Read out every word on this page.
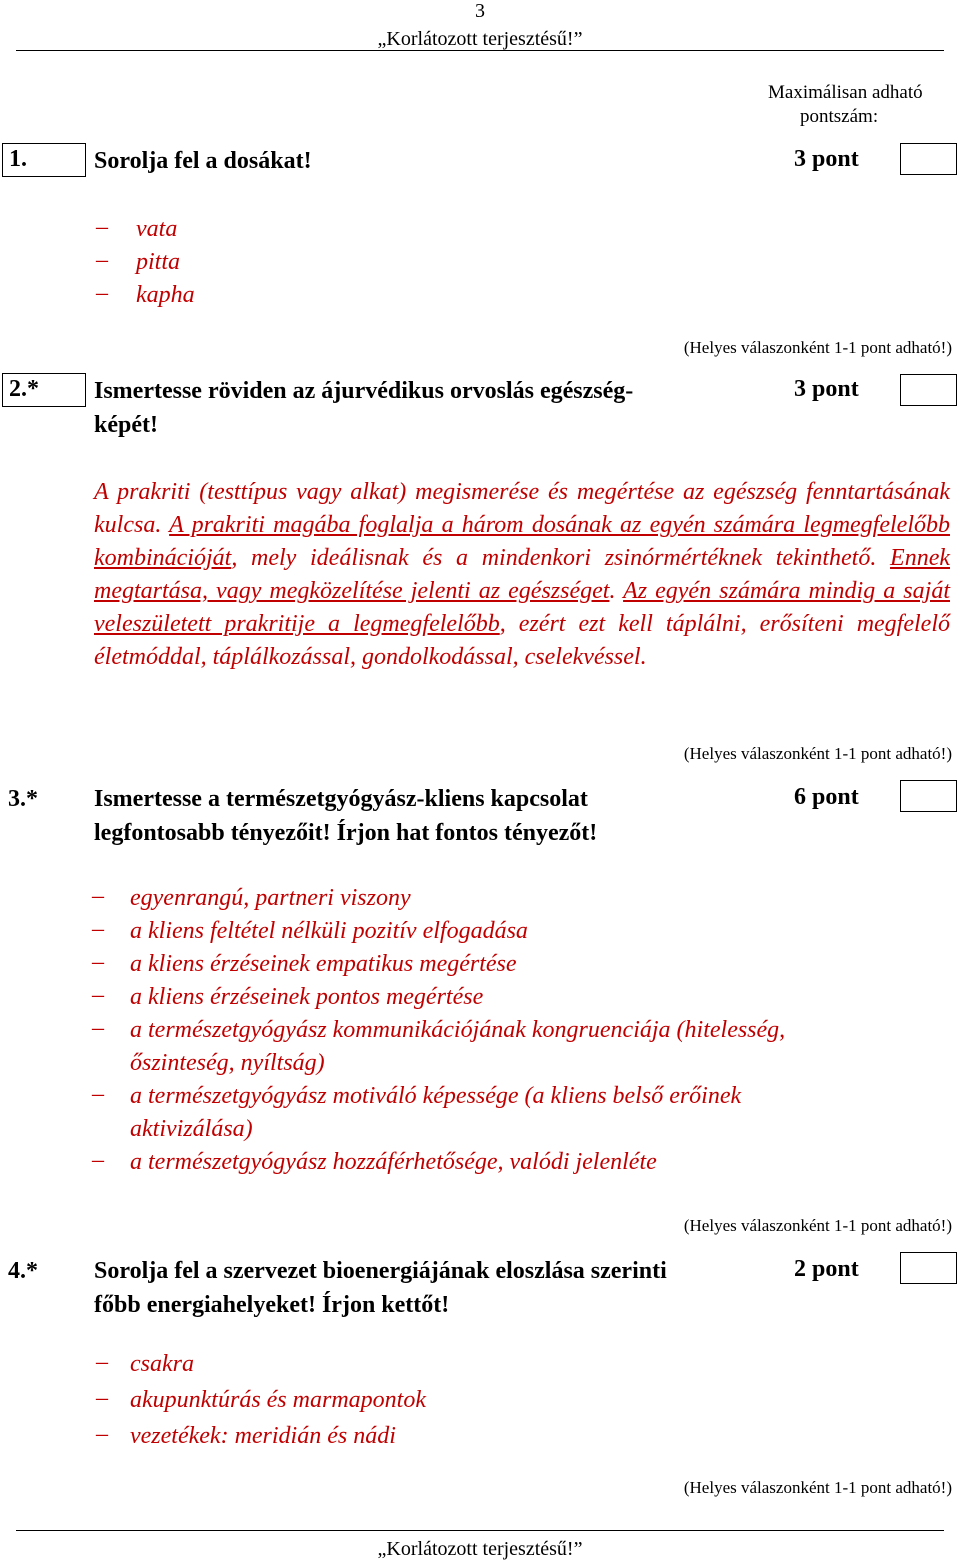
3
„Korlátozott terjesztésű!”
Maximálisan adható
pontszám:
1.	Sorolja fel a dosákat!	3 pont
– vata
– pitta
– kapha
(Helyes válaszonként 1-1 pont adható!)
2.* Ismertesse röviden az ájurvédikus orvoslás egészség-
képét!
3 pont
A prakriti (testtípus vagy alkat) megismerése és megértése az egészség fenntartásának kulcsa. A prakriti magába foglalja a három dosának az egyén számára legmegfelelőbb kombinációját, mely ideálisnak és a mindenkori zsinórmértéknek tekinthető. Ennek megtartása, vagy megközelítése jelenti az egészséget. Az egyén számára mindig a saját veleszületett prakritije a legmegfelelőbb, ezért ezt kell táplálni, erősíteni megfelelő életmóddal, táplálkozással, gondolkodással, cselekvéssel.
(Helyes válaszonként 1-1 pont adható!)
3.* Ismertesse a természetgyógyász-kliens kapcsolat
legfontosabb tényezőit! Írjon hat fontos tényezőt!
6 pont
– egyenrangú, partneri viszony
– a kliens feltétel nélküli pozitív elfogadása
– a kliens érzéseinek empatikus megértése
– a kliens érzéseinek pontos megértése
– a természetgyógyász kommunikációjának kongruenciája (hitelesség,
őszinteség, nyíltság)
– a természetgyógyász motiváló képessége (a kliens belső erőinek
aktivizálása)
– a természetgyógyász hozzáférhetősége, valódi jelenléte
(Helyes válaszonként 1-1 pont adható!)
4.* Sorolja fel a szervezet bioenergiájának eloszlása szerinti
főbb energiahelyeket! Írjon kettőt!
2 pont
– csakra
– akupunktúrás és marmapontok
– vezetékek: meridián és nádi
(Helyes válaszonként 1-1 pont adható!)
„Korlátozott terjesztésű!”
